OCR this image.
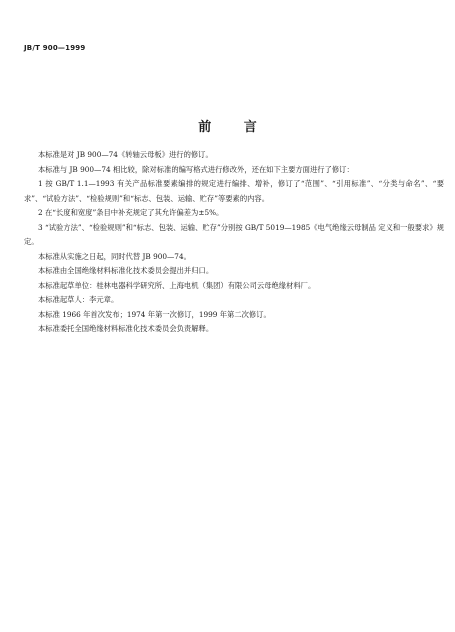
JB/T 900—1999
前 言

本标准是对 JB 900—74《转轴云母板》进行的修订。

本标准与 JB 900—74 相比较，除对标准的编写格式进行修改外，还在如下主要方面进行了修订：

1 按 GB/T 1.1—1993 有关产品标准要素编排的规定进行编排、增补，修订了“范围”、“引用标准”、“分类与命名”、“要求”、“试验方法”、“检验规则”和“标志、包装、运输、贮存”等要素的内容。

2 在“长度和宽度”条目中补充规定了其允许偏差为±5%。

3 “试验方法”、“检验规则”和“标志、包装、运输、贮存”分别按 GB/T 5019—1985《电气绝缘云母制品 定义和一般要求》规定。

本标准从实施之日起，同时代替 JB 900—74。

本标准由全国绝缘材料标准化技术委员会提出并归口。

本标准起草单位：桂林电器科学研究所、上海电机（集团）有限公司云母绝缘材料厂。

本标准起草人：李元章。

本标准 1966 年首次发布；1974 年第一次修订，1999 年第二次修订。

本标准委托全国绝缘材料标准化技术委员会负责解释。
